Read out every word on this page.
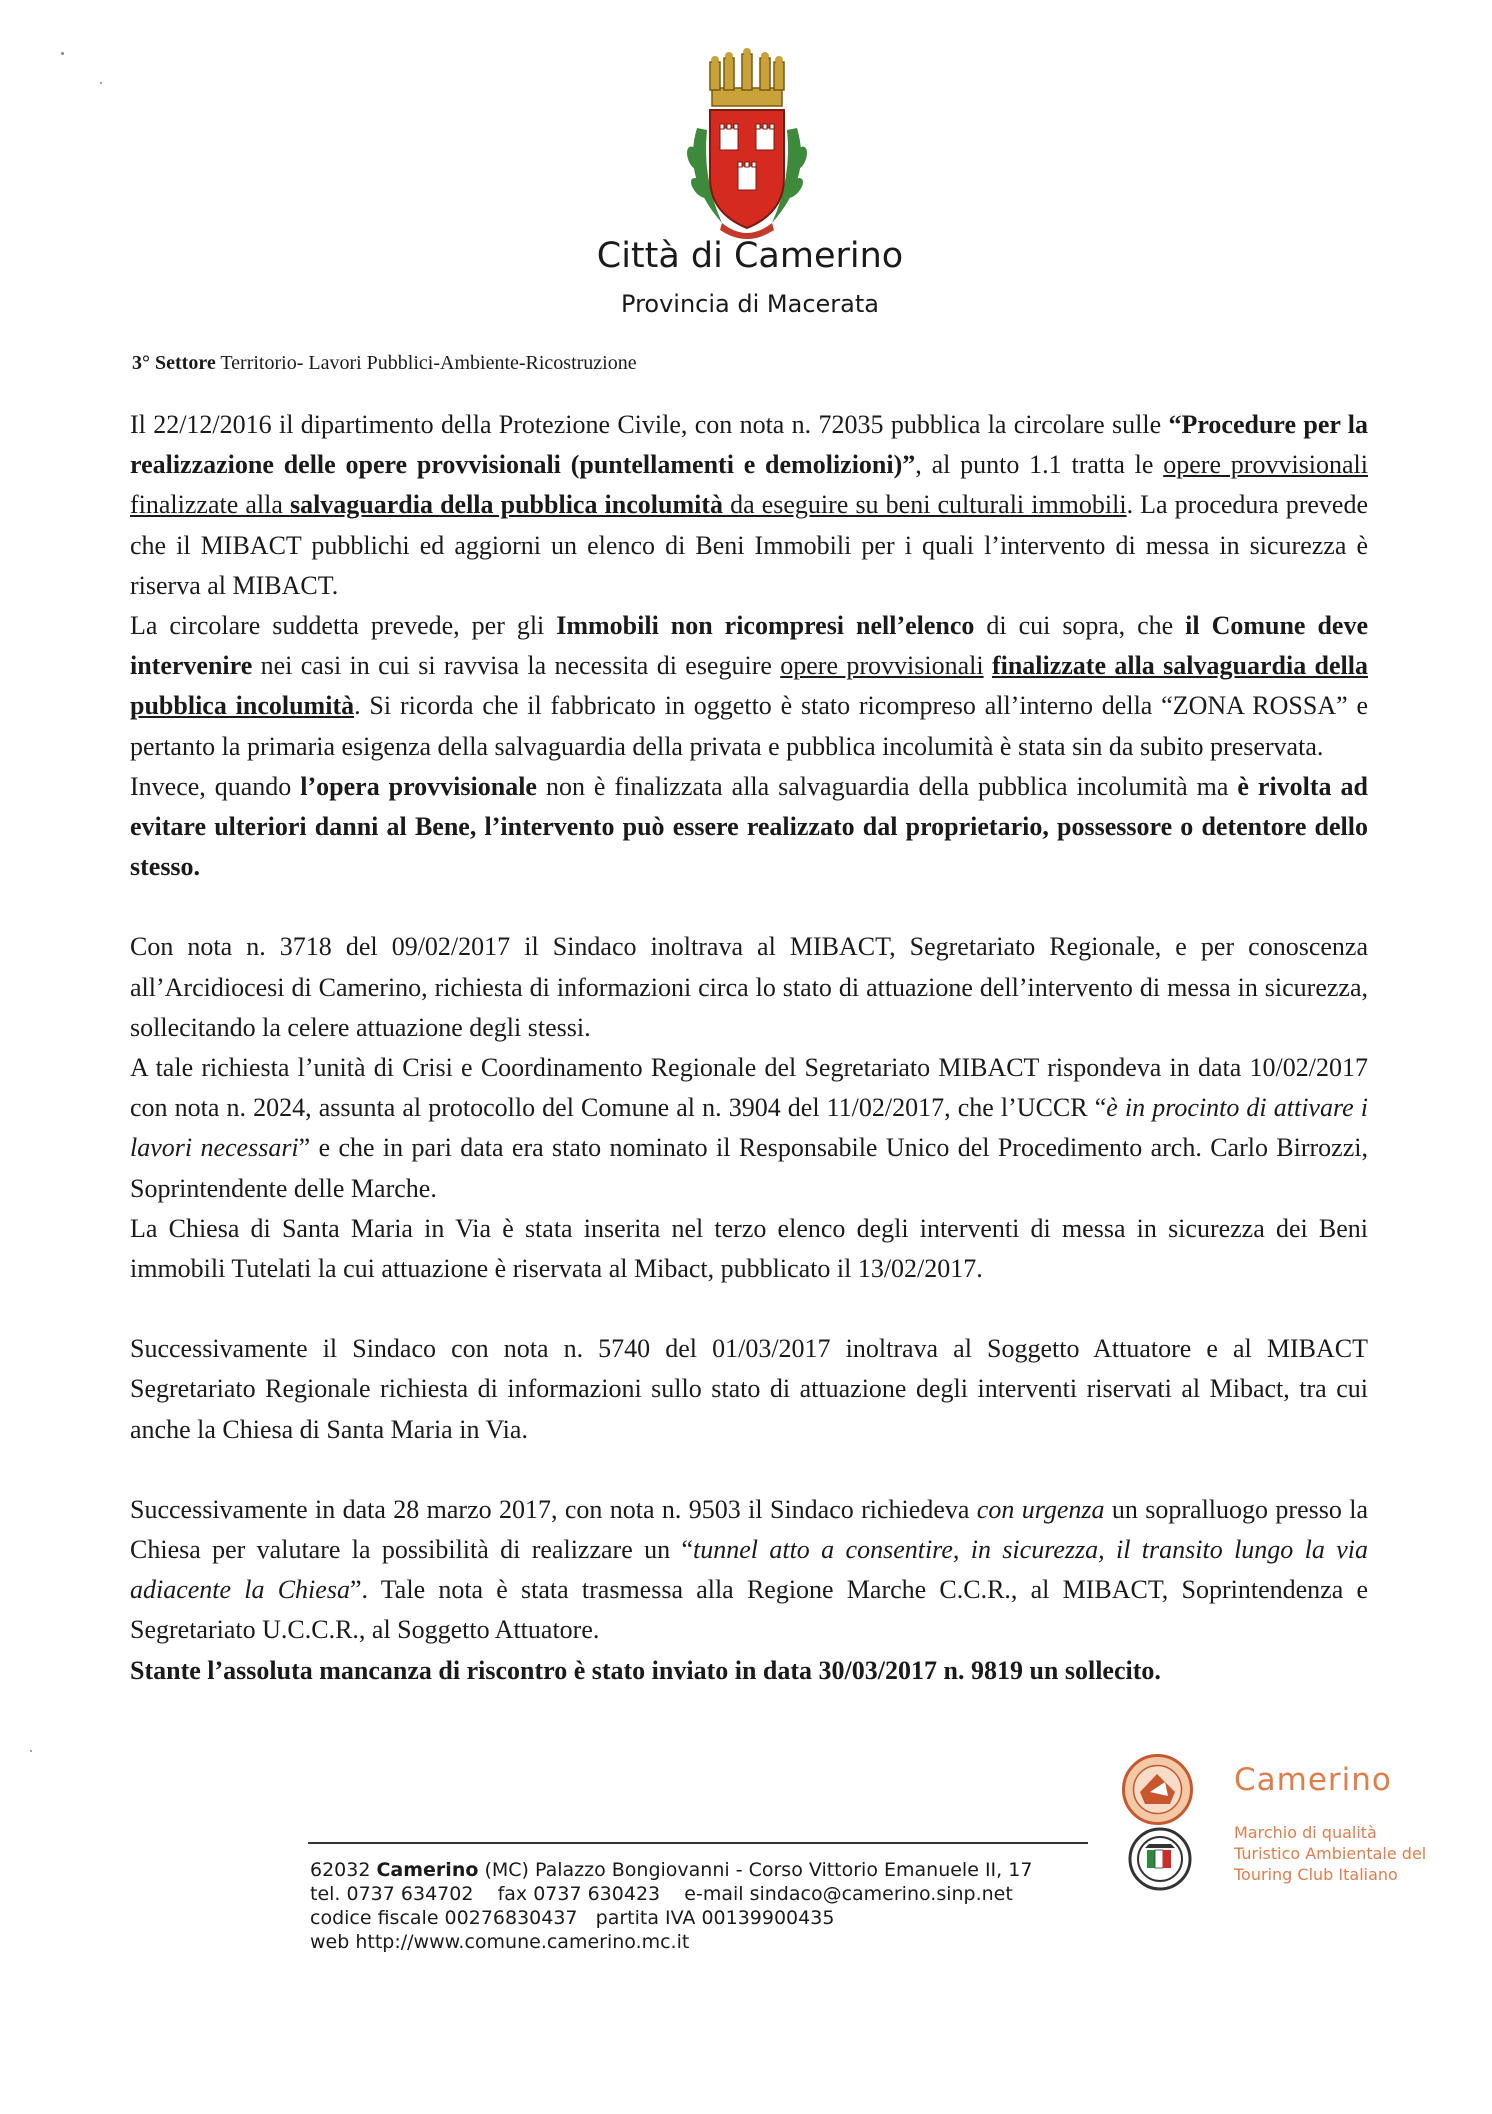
Città di Camerino
Provincia di Macerata
3° Settore Territorio- Lavori Pubblici-Ambiente-Ricostruzione

Il 22/12/2016 il dipartimento della Protezione Civile, con nota n. 72035 pubblica la circolare sulle “Procedure per la realizzazione delle opere provvisionali (puntellamenti e demolizioni)”, al punto 1.1 tratta le opere provvisionali finalizzate alla salvaguardia della pubblica incolumità da eseguire su beni culturali immobili. La procedura prevede che il MIBACT pubblichi ed aggiorni un elenco di Beni Immobili per i quali l’intervento di messa in sicurezza è riserva al MIBACT.

La circolare suddetta prevede, per gli Immobili non ricompresi nell’elenco di cui sopra, che il Comune deve intervenire nei casi in cui si ravvisa la necessita di eseguire opere provvisionali finalizzate alla salvaguardia della pubblica incolumità. Si ricorda che il fabbricato in oggetto è stato ricompreso all’interno della “ZONA ROSSA” e pertanto la primaria esigenza della salvaguardia della privata e pubblica incolumità è stata sin da subito preservata.

Invece, quando l’opera provvisionale non è finalizzata alla salvaguardia della pubblica incolumità ma è rivolta ad evitare ulteriori danni al Bene, l’intervento può essere realizzato dal proprietario, possessore o detentore dello stesso.

Con nota n. 3718 del 09/02/2017 il Sindaco inoltrava al MIBACT, Segretariato Regionale, e per conoscenza all’Arcidiocesi di Camerino, richiesta di informazioni circa lo stato di attuazione dell’intervento di messa in sicurezza, sollecitando la celere attuazione degli stessi.

A tale richiesta l’unità di Crisi e Coordinamento Regionale del Segretariato MIBACT rispondeva in data 10/02/2017 con nota n. 2024, assunta al protocollo del Comune al n. 3904 del 11/02/2017, che l’UCCR “è in procinto di attivare i lavori necessari” e che in pari data era stato nominato il Responsabile Unico del Procedimento arch. Carlo Birrozzi, Soprintendente delle Marche.

La Chiesa di Santa Maria in Via è stata inserita nel terzo elenco degli interventi di messa in sicurezza dei Beni immobili Tutelati la cui attuazione è riservata al Mibact, pubblicato il 13/02/2017.

Successivamente il Sindaco con nota n. 5740 del 01/03/2017 inoltrava al Soggetto Attuatore e al MIBACT Segretariato Regionale richiesta di informazioni sullo stato di attuazione degli interventi riservati al Mibact, tra cui anche la Chiesa di Santa Maria in Via.

Successivamente in data 28 marzo 2017, con nota n. 9503 il Sindaco richiedeva con urgenza un sopralluogo presso la Chiesa per valutare la possibilità di realizzare un “tunnel atto a consentire, in sicurezza, il transito lungo la via adiacente la Chiesa”. Tale nota è stata trasmessa alla Regione Marche C.C.R., al MIBACT, Soprintendenza e Segretariato U.C.C.R., al Soggetto Attuatore.

Stante l’assoluta mancanza di riscontro è stato inviato in data 30/03/2017 n. 9819 un sollecito.

Camerino
Marchio di qualità
Turistico Ambientale del
Touring Club Italiano
62032 Camerino (MC) Palazzo Bongiovanni - Corso Vittorio Emanuele II, 17
tel. 0737 634702    fax 0737 630423    e-mail sindaco@camerino.sinp.net
codice fiscale 00276830437   partita IVA 00139900435
web http://www.comune.camerino.mc.it
